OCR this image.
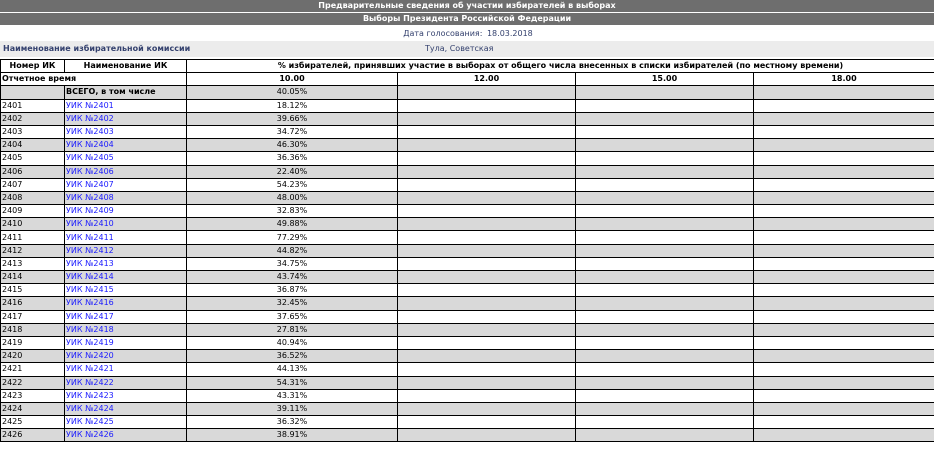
Предварительные сведения об участии избирателей в выборах
Выборы Президента Российской Федерации
Дата голосования: 18.03.2018
Наименование избирательной комиссии	Тула, Советская
Номер ИК	Наименование ИК	% избирателей, принявших участие в выборах от общего числа внесенных в списки избирателей (по местному времени)			
Отчетное время		10.00	12.00	15.00	18.00
	ВСЕГО, в том числе	40.05%			
2401	УИК №2401	18.12%			
2402	УИК №2402	39.66%			
2403	УИК №2403	34.72%			
2404	УИК №2404	46.30%			
2405	УИК №2405	36.36%			
2406	УИК №2406	22.40%			
2407	УИК №2407	54.23%			
2408	УИК №2408	48.00%			
2409	УИК №2409	32.83%			
2410	УИК №2410	49.88%			
2411	УИК №2411	77.29%			
2412	УИК №2412	44.82%			
2413	УИК №2413	34.75%			
2414	УИК №2414	43.74%			
2415	УИК №2415	36.87%			
2416	УИК №2416	32.45%			
2417	УИК №2417	37.65%			
2418	УИК №2418	27.81%			
2419	УИК №2419	40.94%			
2420	УИК №2420	36.52%			
2421	УИК №2421	44.13%			
2422	УИК №2422	54.31%			
2423	УИК №2423	43.31%			
2424	УИК №2424	39.11%			
2425	УИК №2425	36.32%			
2426	УИК №2426	38.91%			
